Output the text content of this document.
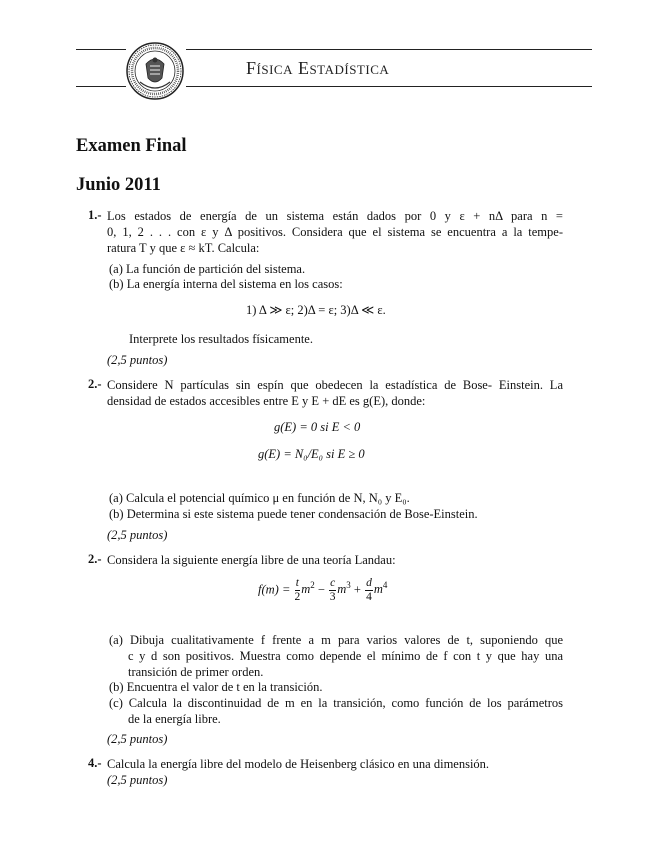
Física Estadística
Examen Final
Junio 2011
1.- Los estados de energía de un sistema están dados por 0 y ε + nΔ para n =
0, 1, 2 . . . con ε y Δ positivos. Considera que el sistema se encuentra a la tempe-
ratura T y que ε ≈ kT. Calcula:
(a) La función de partición del sistema.
(b) La energía interna del sistema en los casos:
1) Δ ≫ ε; 2)Δ = ε; 3)Δ ≪ ε.
Interprete los resultados físicamente.
(2,5 puntos)
2.- Considere N partículas sin espín que obedecen la estadística de Bose- Einstein. La
densidad de estados accesibles entre E y E + dE es g(E), donde:
g(E) = 0 si E < 0
g(E) = N₀/E₀ si E ≥ 0
(a) Calcula el potencial químico μ en función de N, N₀ y E₀.
(b) Determina si este sistema puede tener condensación de Bose-Einstein.
(2,5 puntos)
2.- Considera la siguiente energía libre de una teoría Landau:
$f(m) = \frac{t}{2} m^2 - \frac{c}{3} m^3 + \frac{d}{4} m^4$
(a) Dibuja cualitativamente f frente a m para varios valores de t, suponiendo que
c y d son positivos. Muestra como depende el mínimo de f con t y que hay una
transición de primer orden.
(b) Encuentra el valor de t en la transición.
(c) Calcula la discontinuidad de m en la transición, como función de los parámetros
de la energía libre.
(2,5 puntos)
4.- Calcula la energía libre del modelo de Heisenberg clásico en una dimensión.
(2,5 puntos)
